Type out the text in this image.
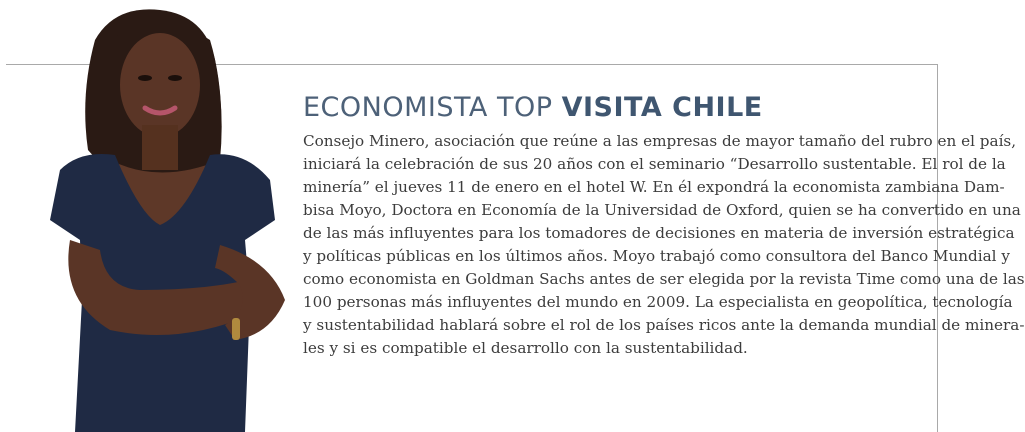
ECONOMISTA TOP VISITA CHILE

Consejo Minero, asociación que reúne a las empresas de mayor tamaño del rubro en el país,
iniciará la celebración de sus 20 años con el seminario “Desarrollo sustentable. El rol de la
minería” el jueves 11 de enero en el hotel W. En él expondrá la economista zambiana Dam-
bisa Moyo, Doctora en Economía de la Universidad de Oxford, quien se ha convertido en una
de las más influyentes para los tomadores de decisiones en materia de inversión estratégica
y políticas públicas en los últimos años. Moyo trabajó como consultora del Banco Mundial y
como economista en Goldman Sachs antes de ser elegida por la revista Time como una de las
100 personas más influyentes del mundo en 2009. La especialista en geopolítica, tecnología
y sustentabilidad hablará sobre el rol de los países ricos ante la demanda mundial de minera-
les y si es compatible el desarrollo con la sustentabilidad.
